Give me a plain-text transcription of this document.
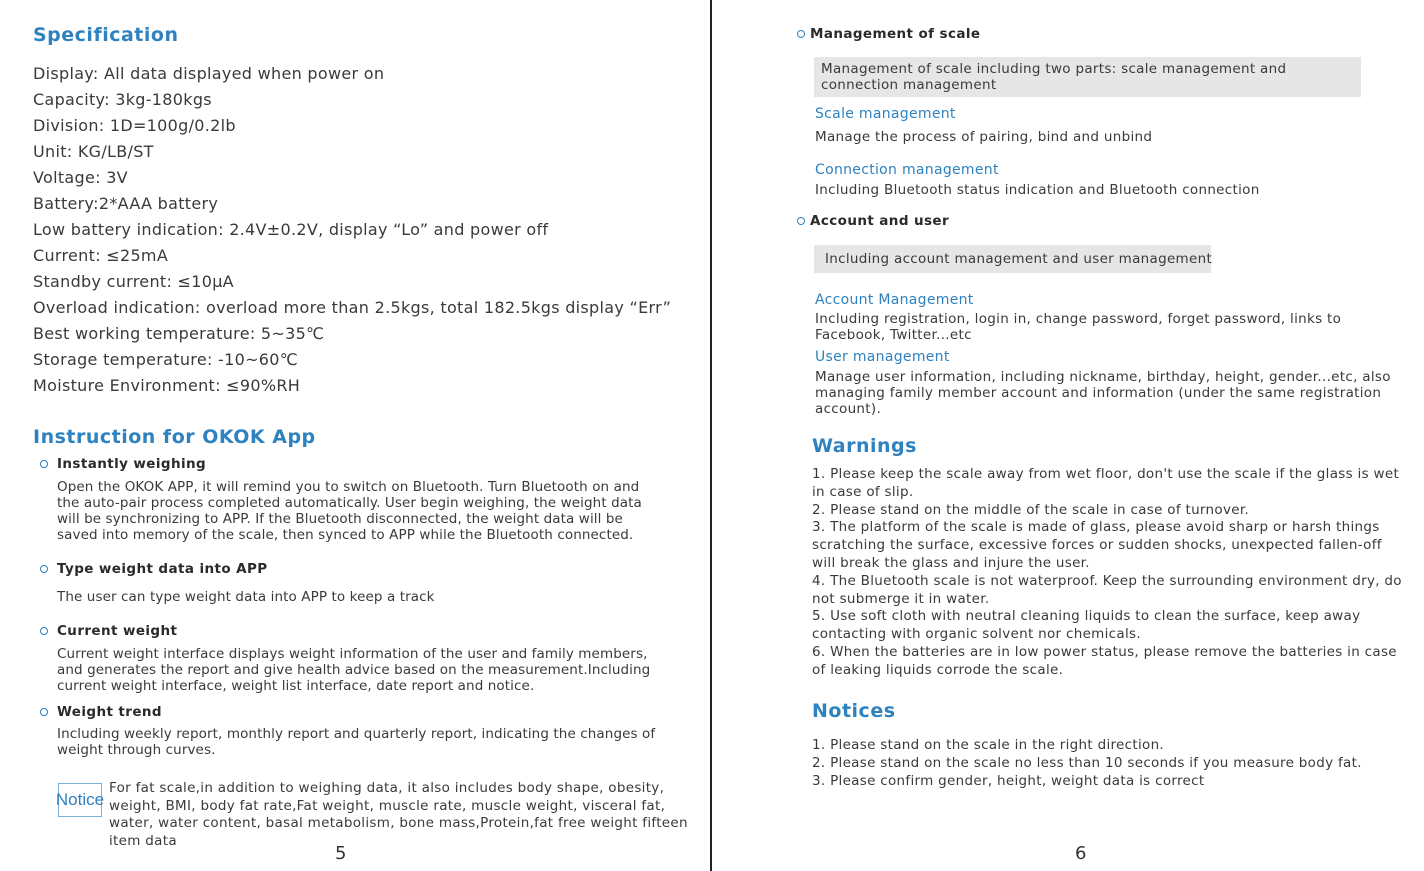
Specification
Display: All data displayed when power on
Capacity: 3kg-180kgs
Division: 1D=100g/0.2lb
Unit: KG/LB/ST
Voltage: 3V
Battery:2*AAA battery
Low battery indication: 2.4V±0.2V, display “Lo” and power off
Current: ≤25mA
Standby current: ≤10μA
Overload indication: overload more than 2.5kgs, total 182.5kgs display “Err”
Best working temperature: 5~35℃
Storage temperature: -10~60℃
Moisture Environment: ≤90%RH
Instruction for OKOK App
Instantly weighing

Open the OKOK APP, it will remind you to switch on Bluetooth. Turn Bluetooth on and the auto-pair process completed automatically. User begin weighing, the weight data will be synchronizing to APP. If the Bluetooth disconnected, the weight data will be saved into memory of the scale, then synced to APP while the Bluetooth connected.

Type weight data into APP

The user can type weight data into APP to keep a track

Current weight

Current weight interface displays weight information of the user and family members, and generates the report and give health advice based on the measurement.Including current weight interface, weight list interface, date report and notice.

Weight trend

Including weekly report, monthly report and quarterly report, indicating the changes of weight through curves.

Notice

For fat scale,in addition to weighing data, it also includes body shape, obesity, weight, BMI, body fat rate,Fat weight, muscle rate, muscle weight, visceral fat, water, water content, basal metabolism, bone mass,Protein,fat free weight fifteen item data

5
Management of scale
Management of scale including two parts: scale management and connection management
Scale management

Manage the process of pairing, bind and unbind

Connection management

Including Bluetooth status indication and Bluetooth connection

Account and user
Including account management and user management
Account Management

Including registration, login in, change password, forget password, links to Facebook, Twitter...etc

User management

Manage user information, including nickname, birthday, height, gender...etc, also managing family member account and information (under the same registration account).

Warnings
1. Please keep the scale away from wet floor, don't use the scale if the glass is wet in case of slip.
2. Please stand on the middle of the scale in case of turnover.
3. The platform of the scale is made of glass, please avoid sharp or harsh things scratching the surface, excessive forces or sudden shocks, unexpected fallen-off will break the glass and injure the user.
4. The Bluetooth scale is not waterproof. Keep the surrounding environment dry, do not submerge it in water.
5. Use soft cloth with neutral cleaning liquids to clean the surface, keep away contacting with organic solvent nor chemicals.
6. When the batteries are in low power status, please remove the batteries in case of leaking liquids corrode the scale.
Notices
1. Please stand on the scale in the right direction.
2. Please stand on the scale no less than 10 seconds if you measure body fat.
3. Please confirm gender, height, weight data is correct
6
